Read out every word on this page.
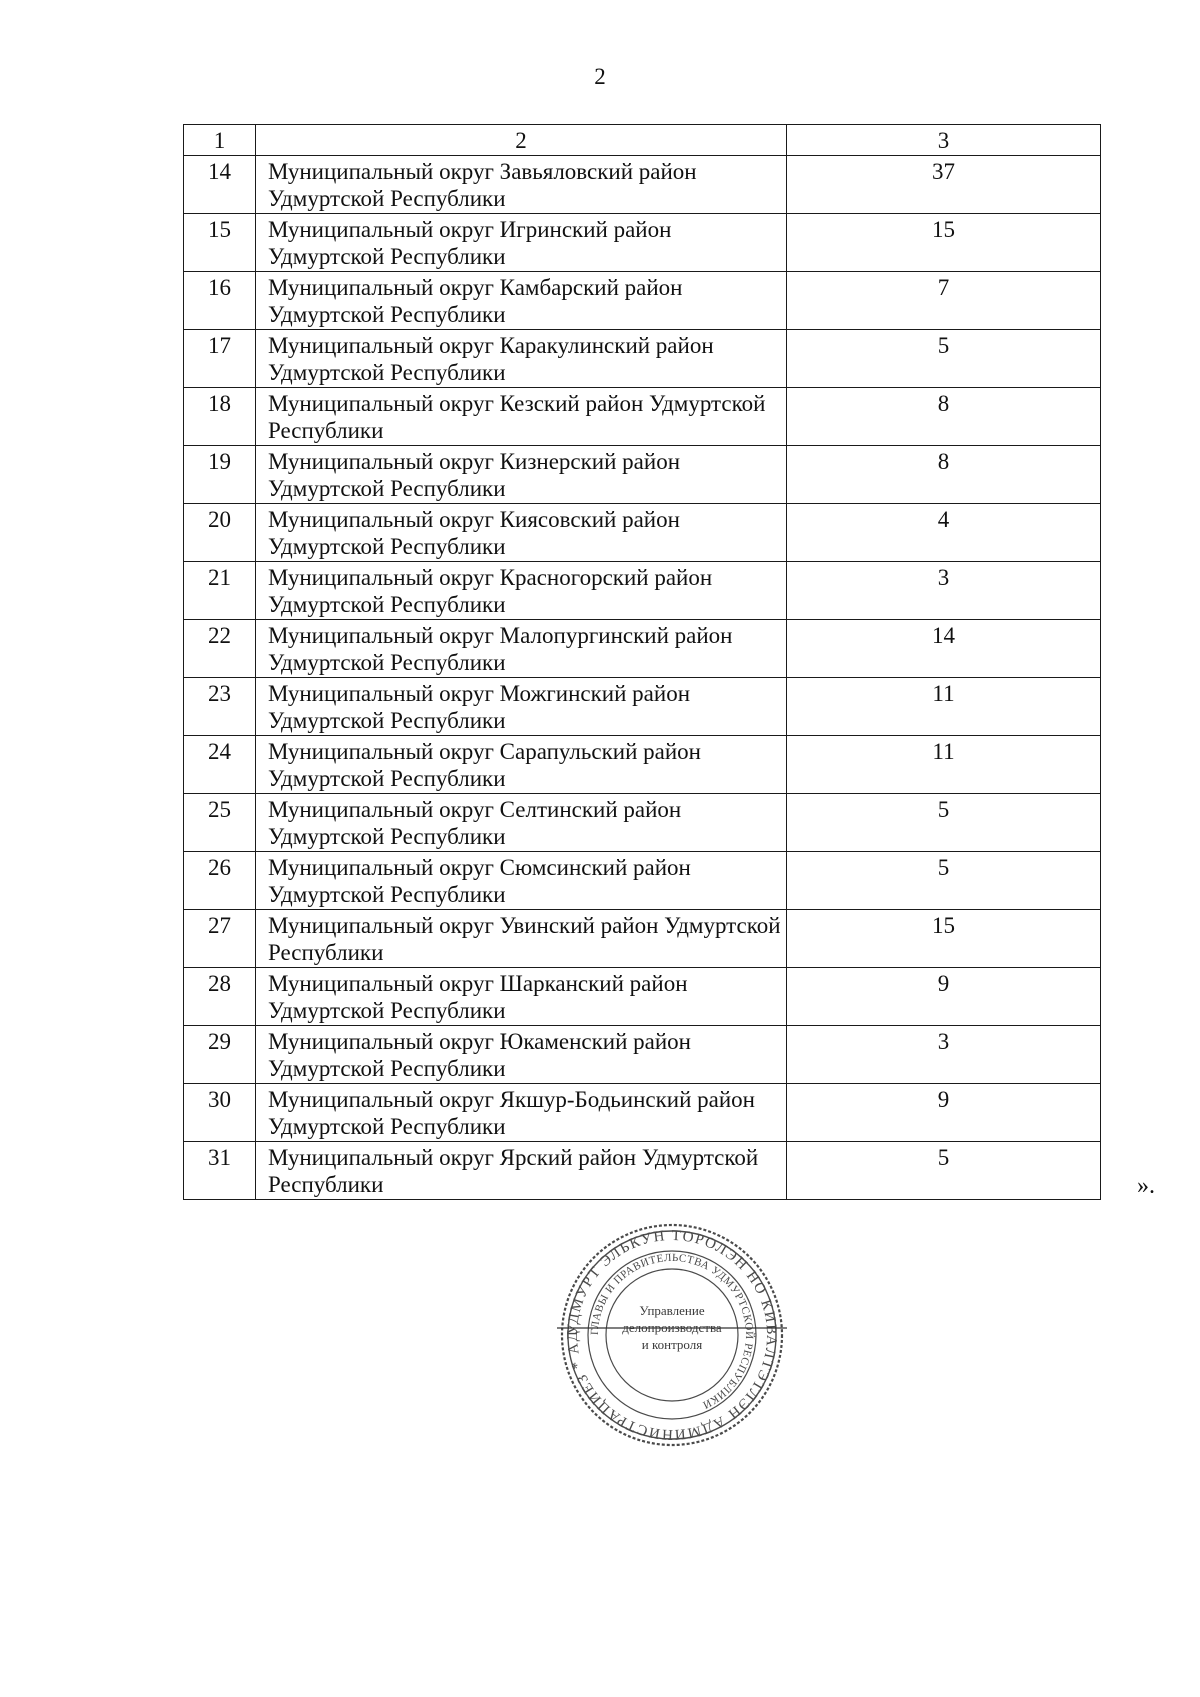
2
1	2	3
14	Муниципальный округ Завьяловский район Удмуртской Республики	37
15	Муниципальный округ Игринский район Удмуртской Республики	15
16	Муниципальный округ Камбарский район Удмуртской Республики	7
17	Муниципальный округ Каракулинский район Удмуртской Республики	5
18	Муниципальный округ Кезский район Удмуртской Республики	8
19	Муниципальный округ Кизнерский район Удмуртской Республики	8
20	Муниципальный округ Киясовский район Удмуртской Республики	4
21	Муниципальный округ Красногорский район Удмуртской Республики	3
22	Муниципальный округ Малопургинский район Удмуртской Республики	14
23	Муниципальный округ Можгинский район Удмуртской Республики	11
24	Муниципальный округ Сарапульский район Удмуртской Республики	11
25	Муниципальный округ Селтинский район Удмуртской Республики	5
26	Муниципальный округ Сюмсинский район Удмуртской Республики	5
27	Муниципальный округ Увинский район Удмуртской Республики	15
28	Муниципальный округ Шарканский район Удмуртской Республики	9
29	Муниципальный округ Юкаменский район Удмуртской Республики	3
30	Муниципальный округ Якшур-Бодьинский район Удмуртской Республики	9
31	Муниципальный округ Ярский район Удмуртской Республики	5
».
УДМУРТ ЭЛЬКУН ТОРОЛЭН НО КИВАЛТЭТЛЭН АДМИНИСТРАЦИЕЗ * АД ГЛАВЫ И ПРАВИТЕЛЬСТВА УДМУРТСКОЙ РЕСПУБЛИКИ
Управление
делопроизводства
и контроля
